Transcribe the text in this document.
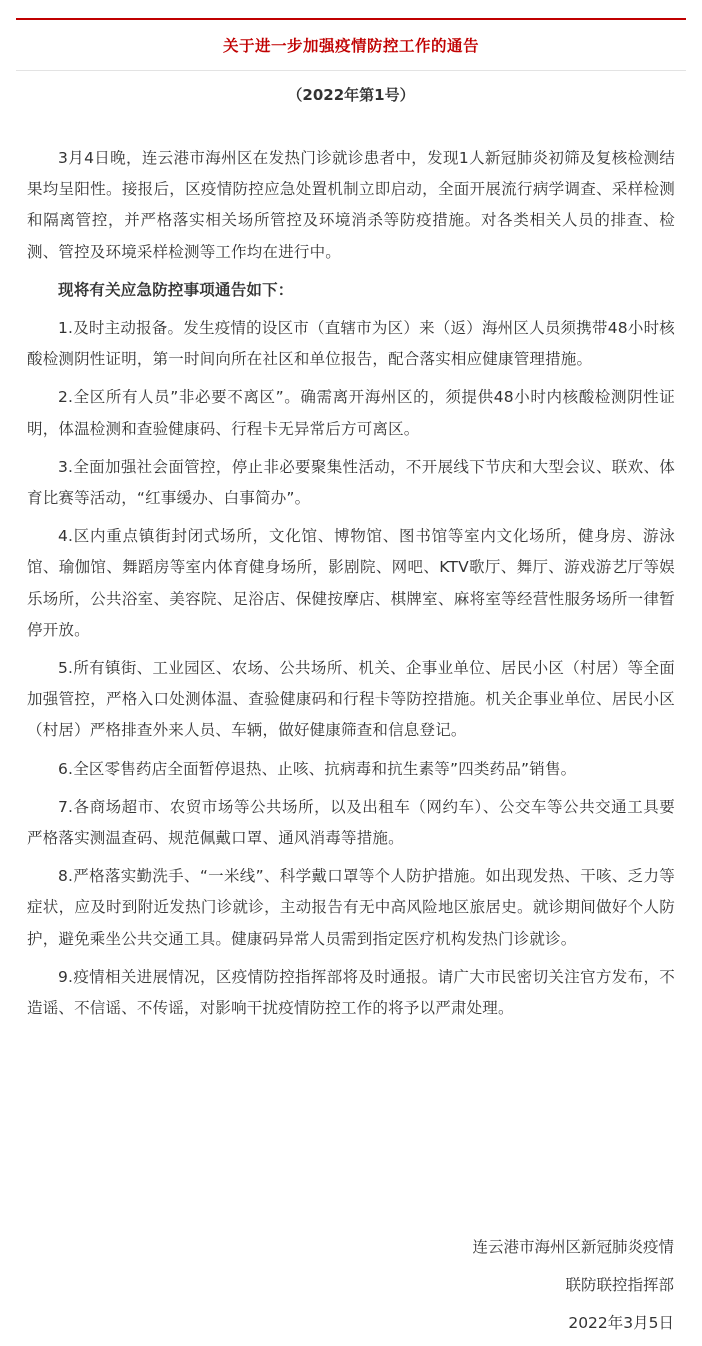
关于进一步加强疫情防控工作的通告
（2022年第1号）

3月4日晚，连云港市海州区在发热门诊就诊患者中，发现1人新冠肺炎初筛及复核检测结果均呈阳性。接报后，区疫情防控应急处置机制立即启动，全面开展流行病学调查、采样检测和隔离管控，并严格落实相关场所管控及环境消杀等防疫措施。对各类相关人员的排查、检测、管控及环境采样检测等工作均在进行中。

现将有关应急防控事项通告如下：

1.及时主动报备。发生疫情的设区市（直辖市为区）来（返）海州区人员须携带48小时核酸检测阴性证明，第一时间向所在社区和单位报告，配合落实相应健康管理措施。

2.全区所有人员”非必要不离区”。确需离开海州区的，须提供48小时内核酸检测阴性证明，体温检测和查验健康码、行程卡无异常后方可离区。

3.全面加强社会面管控，停止非必要聚集性活动，不开展线下节庆和大型会议、联欢、体育比赛等活动，“红事缓办、白事简办”。

4.区内重点镇街封闭式场所，文化馆、博物馆、图书馆等室内文化场所，健身房、游泳馆、瑜伽馆、舞蹈房等室内体育健身场所，影剧院、网吧、KTV歌厅、舞厅、游戏游艺厅等娱乐场所，公共浴室、美容院、足浴店、保健按摩店、棋牌室、麻将室等经营性服务场所一律暂停开放。

5.所有镇街、工业园区、农场、公共场所、机关、企事业单位、居民小区（村居）等全面加强管控，严格入口处测体温、查验健康码和行程卡等防控措施。机关企事业单位、居民小区（村居）严格排查外来人员、车辆，做好健康筛查和信息登记。

6.全区零售药店全面暂停退热、止咳、抗病毒和抗生素等”四类药品”销售。

7.各商场超市、农贸市场等公共场所，以及出租车（网约车）、公交车等公共交通工具要严格落实测温查码、规范佩戴口罩、通风消毒等措施。

8.严格落实勤洗手、“一米线”、科学戴口罩等个人防护措施。如出现发热、干咳、乏力等症状，应及时到附近发热门诊就诊，主动报告有无中高风险地区旅居史。就诊期间做好个人防护，避免乘坐公共交通工具。健康码异常人员需到指定医疗机构发热门诊就诊。

9.疫情相关进展情况，区疫情防控指挥部将及时通报。请广大市民密切关注官方发布，不造谣、不信谣、不传谣，对影响干扰疫情防控工作的将予以严肃处理。

连云港市海州区新冠肺炎疫情
联防联控指挥部
2022年3月5日
